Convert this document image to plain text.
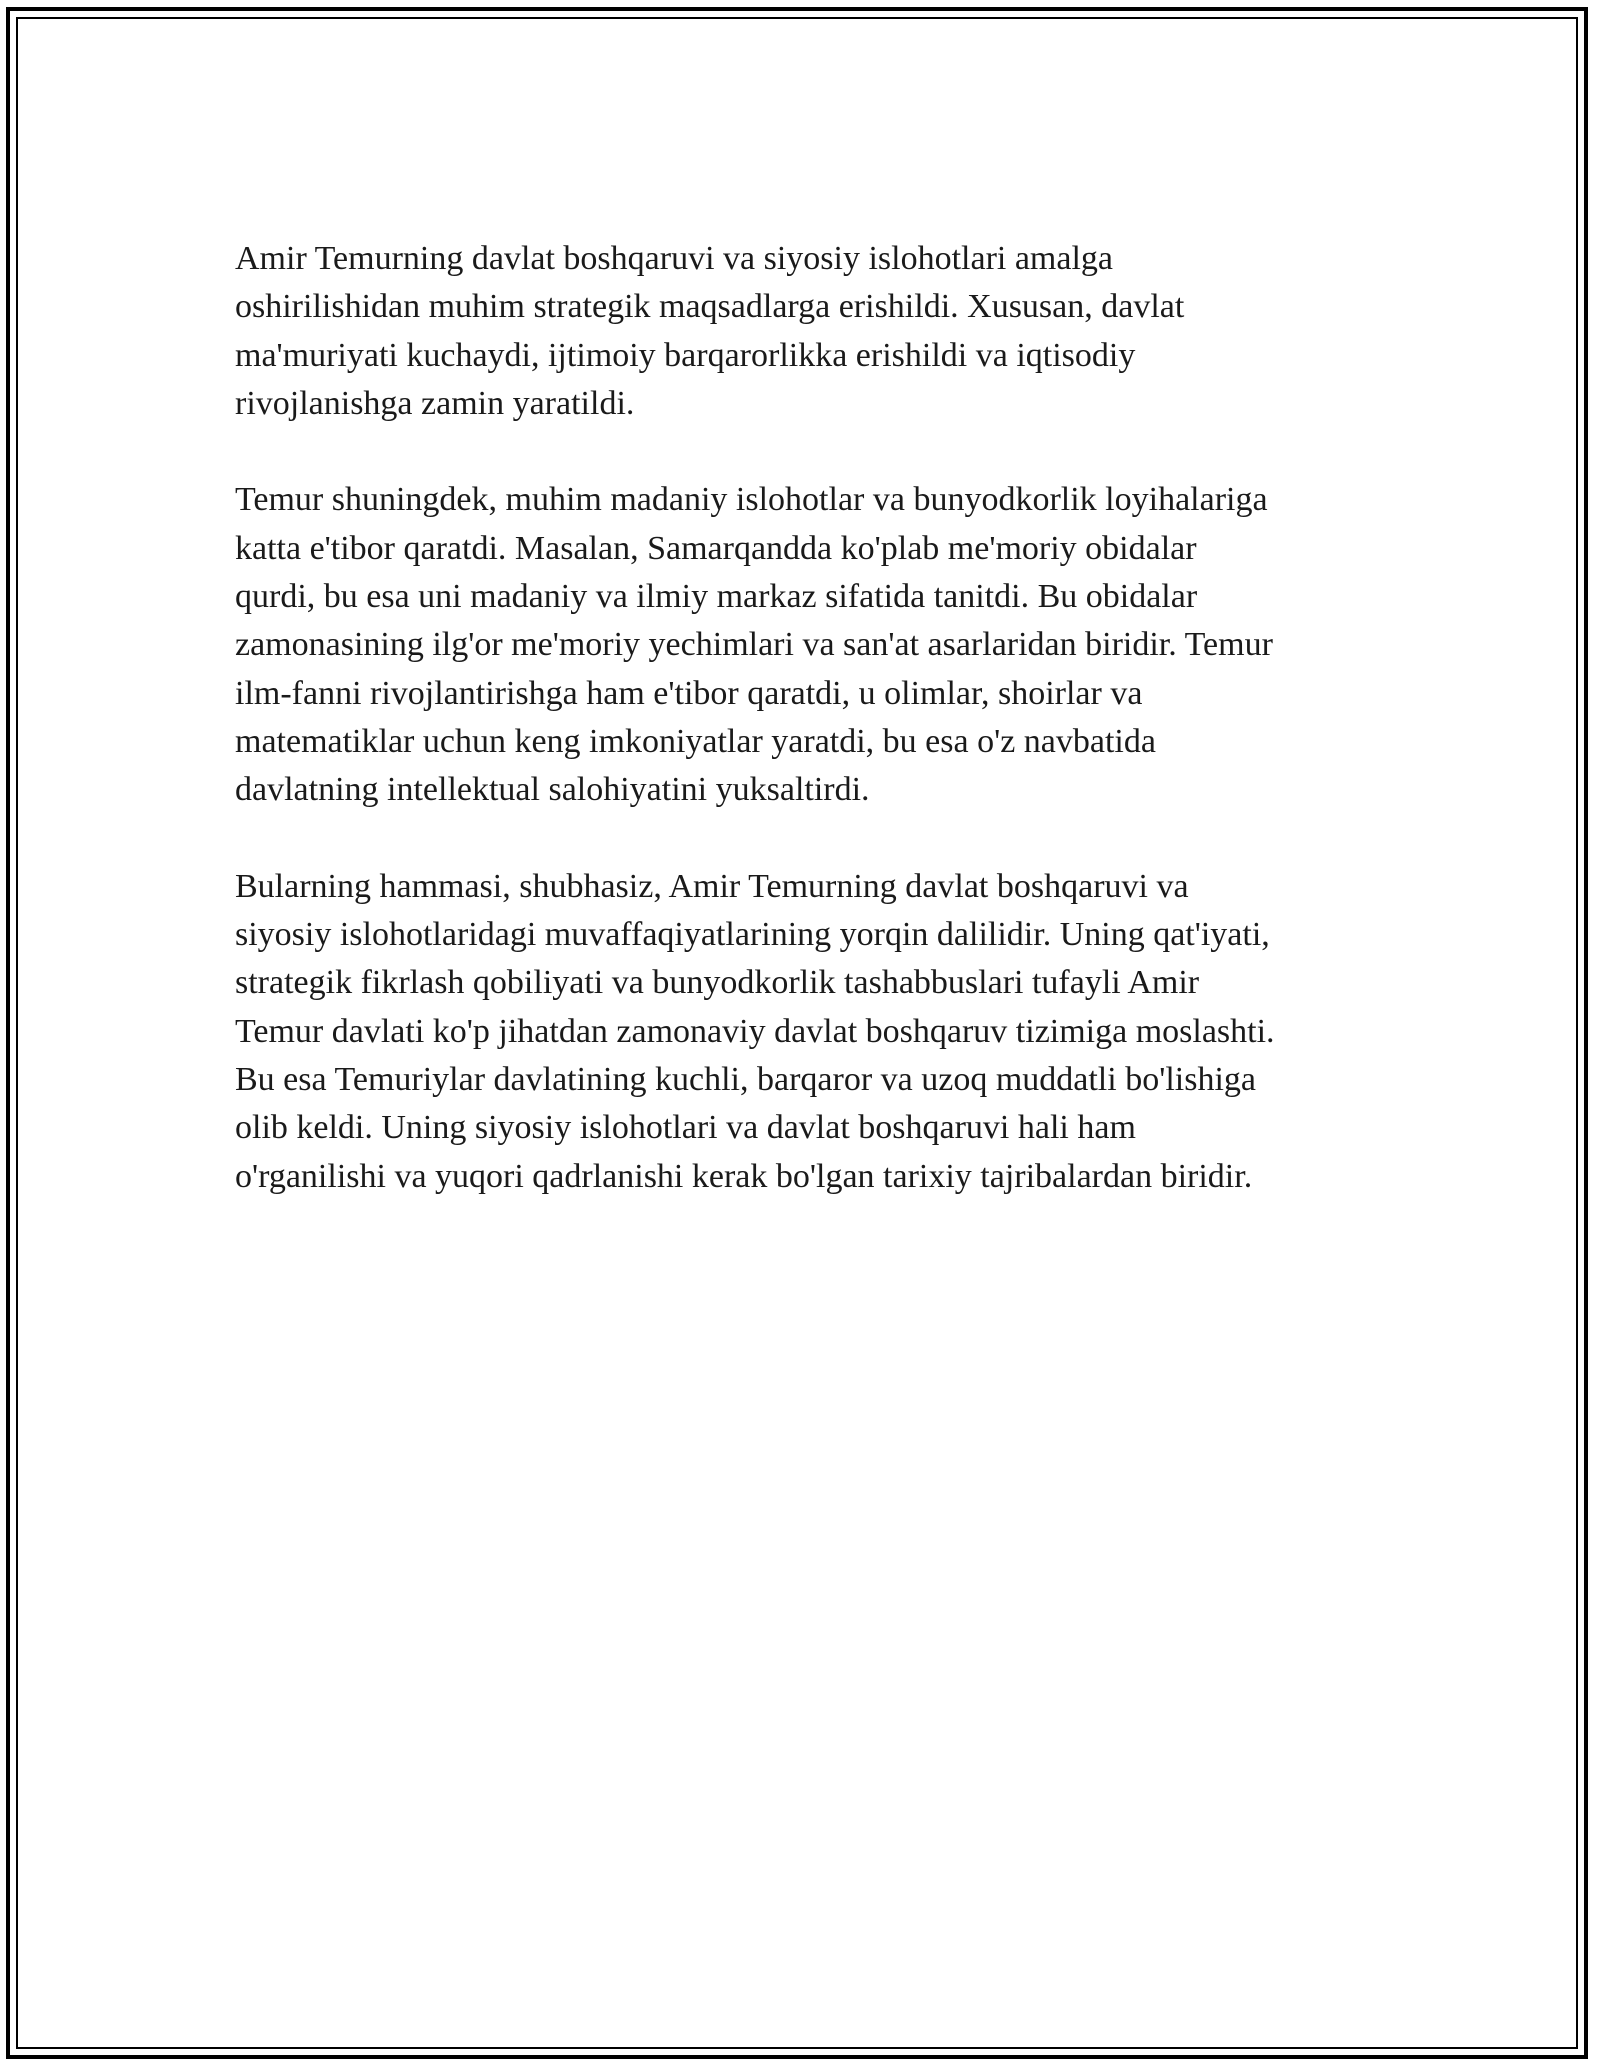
Amir Temurning davlat boshqaruvi va siyosiy islohotlari amalga
oshirilishidan muhim strategik maqsadlarga erishildi. Xususan, davlat
ma'muriyati kuchaydi, ijtimoiy barqarorlikka erishildi va iqtisodiy
rivojlanishga zamin yaratildi.

Temur shuningdek, muhim madaniy islohotlar va bunyodkorlik loyihalariga
katta e'tibor qaratdi. Masalan, Samarqandda ko'plab me'moriy obidalar
qurdi, bu esa uni madaniy va ilmiy markaz sifatida tanitdi. Bu obidalar
zamonasining ilg'or me'moriy yechimlari va san'at asarlaridan biridir. Temur
ilm-fanni rivojlantirishga ham e'tibor qaratdi, u olimlar, shoirlar va
matematiklar uchun keng imkoniyatlar yaratdi, bu esa o'z navbatida
davlatning intellektual salohiyatini yuksaltirdi.

Bularning hammasi, shubhasiz, Amir Temurning davlat boshqaruvi va
siyosiy islohotlaridagi muvaffaqiyatlarining yorqin dalilidir. Uning qat'iyati,
strategik fikrlash qobiliyati va bunyodkorlik tashabbuslari tufayli Amir
Temur davlati ko'p jihatdan zamonaviy davlat boshqaruv tizimiga moslashti.
Bu esa Temuriylar davlatining kuchli, barqaror va uzoq muddatli bo'lishiga
olib keldi. Uning siyosiy islohotlari va davlat boshqaruvi hali ham
o'rganilishi va yuqori qadrlanishi kerak bo'lgan tarixiy tajribalardan biridir.
